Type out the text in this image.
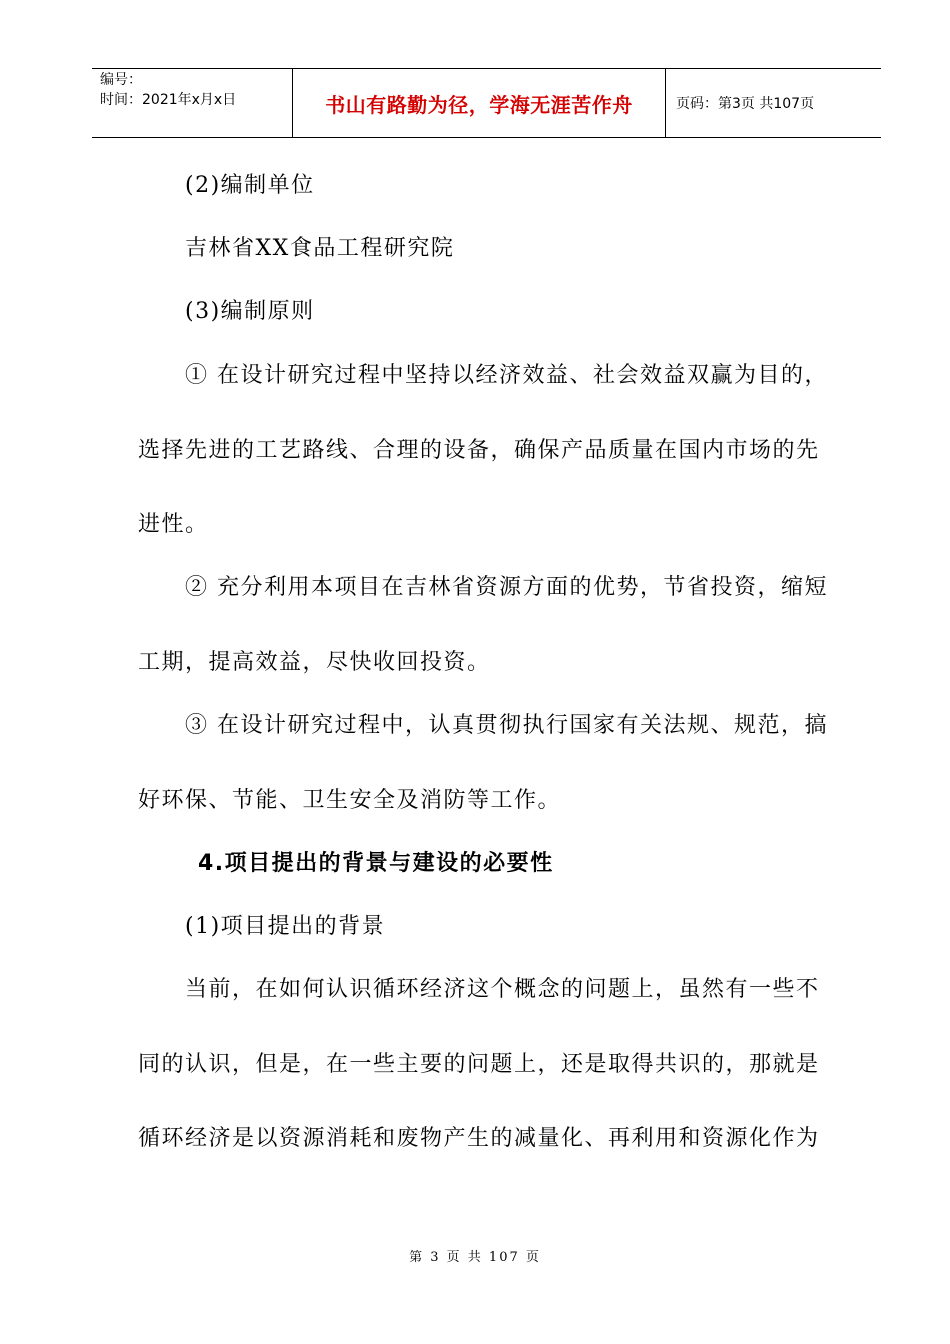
编号：
时间：2021年x月x日	书山有路勤为径，学海无涯苦作舟	页码：第3页 共107页
(2)编制单位
吉林省XX食品工程研究院
(3)编制原则
① 在设计研究过程中坚持以经济效益、社会效益双赢为目的，
选择先进的工艺路线、合理的设备，确保产品质量在国内市场的先
进性。
② 充分利用本项目在吉林省资源方面的优势，节省投资，缩短
工期，提高效益，尽快收回投资。
③ 在设计研究过程中，认真贯彻执行国家有关法规、规范，搞
好环保、节能、卫生安全及消防等工作。
4.项目提出的背景与建设的必要性
(1)项目提出的背景
当前，在如何认识循环经济这个概念的问题上，虽然有一些不
同的认识，但是，在一些主要的问题上，还是取得共识的，那就是
循环经济是以资源消耗和废物产生的减量化、再利用和资源化作为
第 3 页 共 107 页
